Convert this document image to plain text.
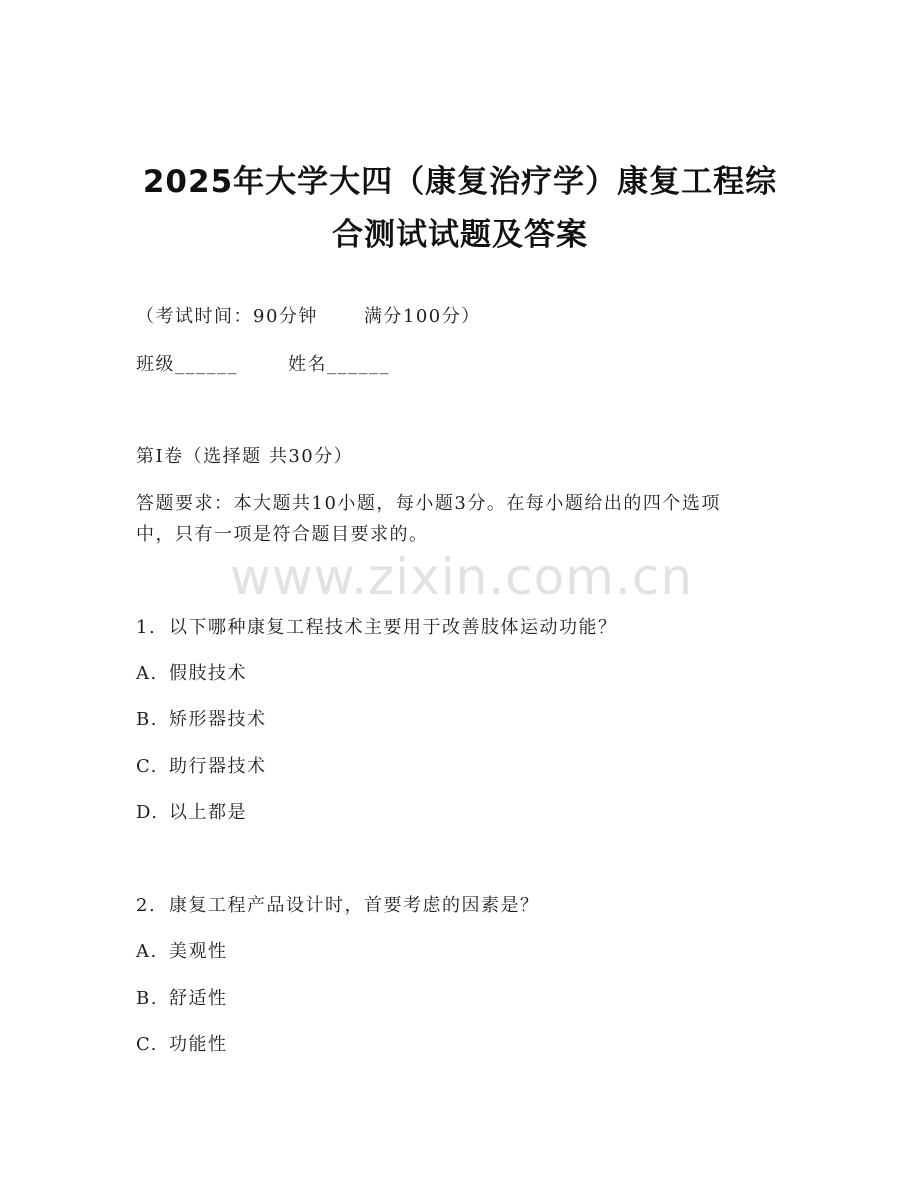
2025年大学大四（康复治疗学）康复工程综
合测试试题及答案
（考试时间：90分钟	满分100分）
班级______	姓名______
第I卷（选择题 共30分）
答题要求：本大题共10小题，每小题3分。在每小题给出的四个选项
中，只有一项是符合题目要求的。
www.zixin.com.cn
1. 以下哪种康复工程技术主要用于改善肢体运动功能？
A. 假肢技术
B. 矫形器技术
C. 助行器技术
D. 以上都是
2. 康复工程产品设计时，首要考虑的因素是？
A. 美观性
B. 舒适性
C. 功能性
